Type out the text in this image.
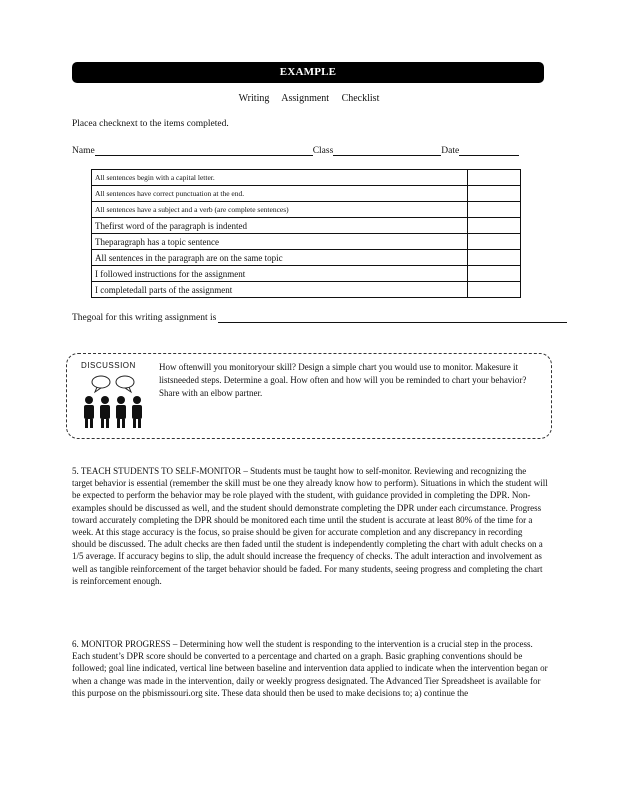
EXAMPLE
Writing Assignment Checklist
Placea checknext to the items completed.
Name	Class	Date
All sentences begin with a capital letter.	
All sentences have correct punctuation at the end.	
All sentences have a subject and a verb (are complete sentences)	
Thefirst word of the paragraph is indented	
Theparagraph has a topic sentence	
All sentences in the paragraph are on the same topic	
I followed instructions for the assignment	
I completedall parts of the assignment	
Thegoal for this writing assignment is
DISCUSSION	How oftenwill you monitoryour skill? Design a simple chart you would use to monitor. Makesure it listsneeded steps. Determine a goal. How often and how will you be reminded to chart your behavior? Share with an elbow partner.
5. TEACH STUDENTS TO SELF-MONITOR – Students must be taught how to self-monitor. Reviewing and recognizing the target behavior is essential (remember the skill must be one they already know how to perform). Situations in which the student will be expected to perform the behavior may be role played with the student, with guidance provided in completing the DPR. Non-examples should be discussed as well, and the student should demonstrate completing the DPR under each circumstance. Progress toward accurately completing the DPR should be monitored each time until the student is accurate at least 80% of the time for a week. At this stage accuracy is the focus, so praise should be given for accurate completion and any discrepancy in recording should be discussed. The adult checks are then faded until the student is independently completing the chart with adult checks on a 1/5 average. If accuracy begins to slip, the adult should increase the frequency of checks. The adult interaction and involvement as well as tangible reinforcement of the target behavior should be faded. For many students, seeing progress and completing the chart is reinforcement enough.
6. MONITOR PROGRESS – Determining how well the student is responding to the intervention is a crucial step in the process. Each student’s DPR score should be converted to a percentage and charted on a graph. Basic graphing conventions should be followed; goal line indicated, vertical line between baseline and intervention data applied to indicate when the intervention began or when a change was made in the intervention, daily or weekly progress designated. The Advanced Tier Spreadsheet is available for this purpose on the pbismissouri.org site. These data should then be used to make decisions to; a) continue the
